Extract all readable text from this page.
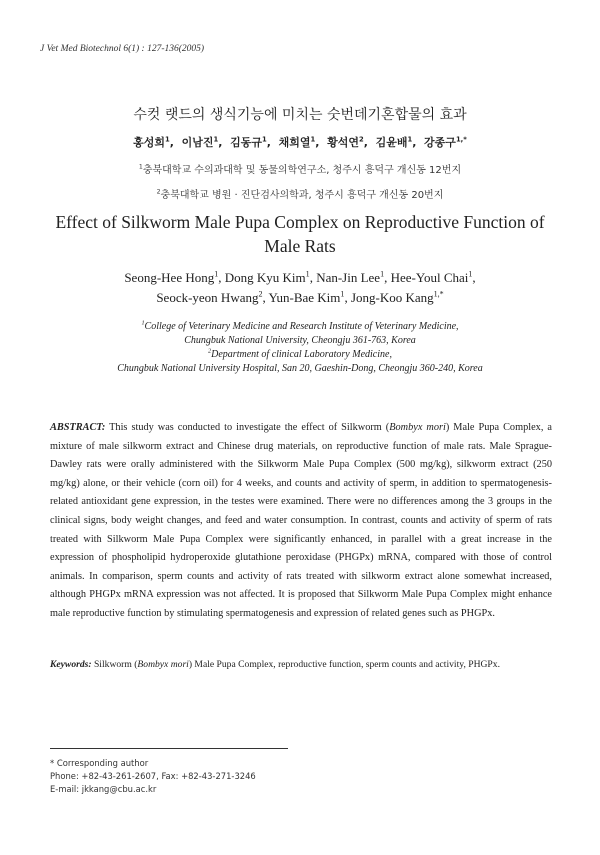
J Vet Med Biotechnol 6(1) : 127-136(2005)
수컷 랫드의 생식기능에 미치는 숫번데기혼합물의 효과
홍성희$^1$,  이남진$^1$,  김동규$^1$,  채희열$^1$,  황석연$^2$,  김윤배$^1$,  강종구$^{1,*}$
$^1$충북대학교 수의과대학 및 동물의학연구소, 청주시 흥덕구 개신동 12번지
$^2$충북대학교 병원 · 진단검사의학과, 청주시 흥덕구 개신동 20번지
Effect of Silkworm Male Pupa Complex on Reproductive Function of
Male Rats
Seong-Hee Hong$^1$, Dong Kyu Kim$^1$, Nan-Jin Lee$^1$, Hee-Youl Chai$^1$,
Seock-yeon Hwang$^2$, Yun-Bae Kim$^1$, Jong-Koo Kang$^{1,*}$
$^1$College of Veterinary Medicine and Research Institute of Veterinary Medicine,
Chungbuk National University, Cheongju 361-763, Korea
$^2$Department of clinical Laboratory Medicine,
Chungbuk National University Hospital, San 20, Gaeshin-Dong, Cheongju 360-240, Korea
ABSTRACT: This study was conducted to investigate the effect of Silkworm (Bombyx mori) Male Pupa Complex, a mixture of male silkworm extract and Chinese drug materials, on reproductive function of male rats. Male Sprague-Dawley rats were orally administered with the Silkworm Male Pupa Complex (500 mg/kg), silkworm extract (250 mg/kg) alone, or their vehicle (corn oil) for 4 weeks, and counts and activity of sperm, in addition to spermatogenesis-related antioxidant gene expression, in the testes were examined. There were no differences among the 3 groups in the clinical signs, body weight changes, and feed and water consumption. In contrast, counts and activity of sperm of rats treated with Silkworm Male Pupa Complex were significantly enhanced, in parallel with a great increase in the expression of phospholipid hydroperoxide glutathione peroxidase (PHGPx) mRNA, compared with those of control animals. In comparison, sperm counts and activity of rats treated with silkworm extract alone somewhat increased, although PHGPx mRNA expression was not affected. It is proposed that Silkworm Male Pupa Complex might enhance male reproductive function by stimulating spermatogenesis and expression of related genes such as PHGPx.
Keywords: Silkworm (Bombyx mori) Male Pupa Complex, reproductive function, sperm counts and activity, PHGPx.
* Corresponding author
Phone: +82-43-261-2607, Fax: +82-43-271-3246
E-mail: jkkang@cbu.ac.kr
